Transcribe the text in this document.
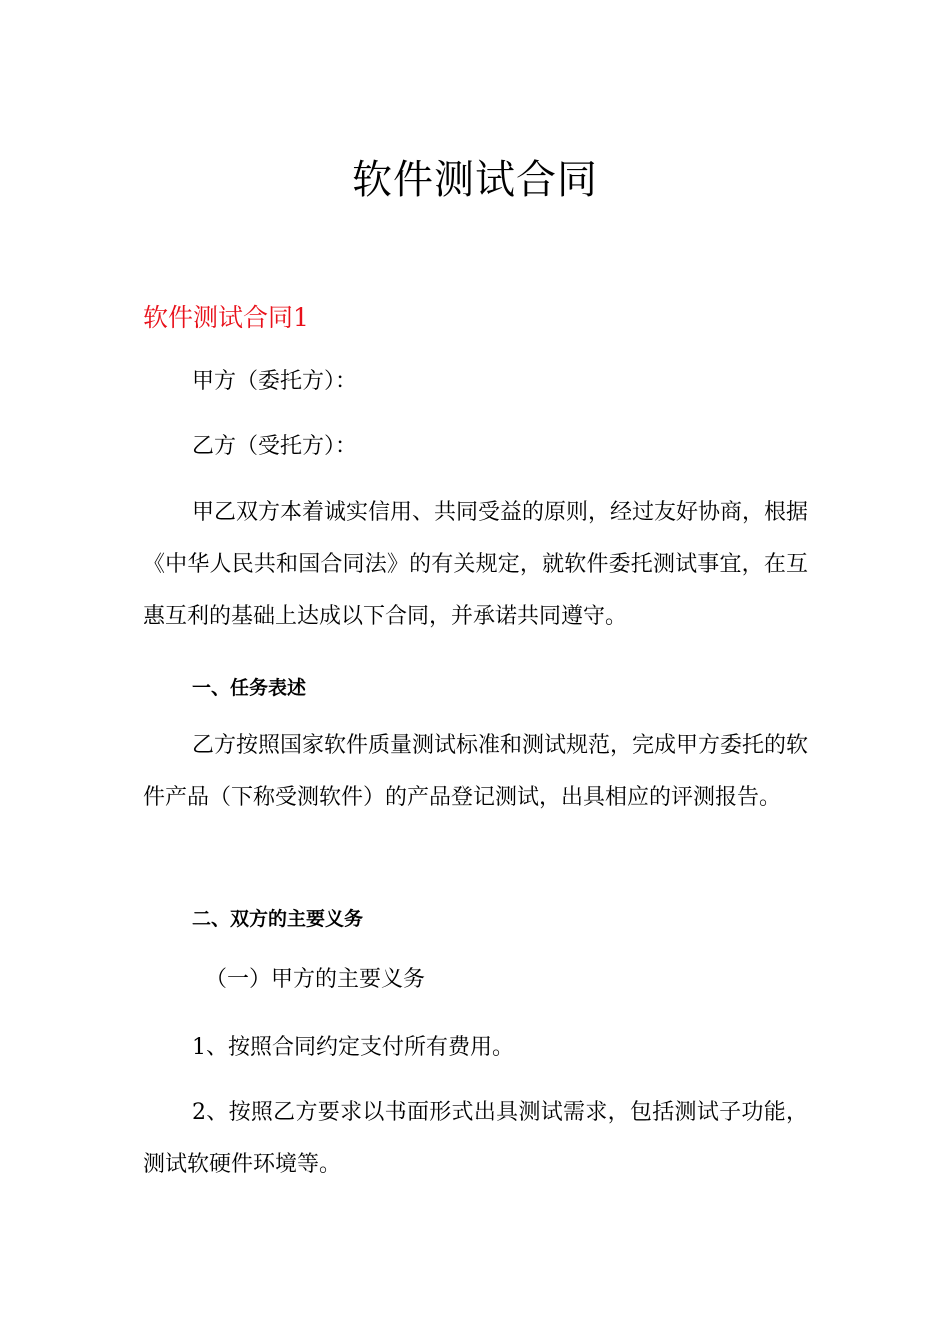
软件测试合同
软件测试合同1
甲方（委托方）：
乙方（受托方）：
甲乙双方本着诚实信用、共同受益的原则，经过友好协商，根据《中华人民共和国合同法》的有关规定，就软件委托测试事宜，在互惠互利的基础上达成以下合同，并承诺共同遵守。
一、任务表述
乙方按照国家软件质量测试标准和测试规范，完成甲方委托的软件产品（下称受测软件）的产品登记测试，出具相应的评测报告。
二、双方的主要义务
（一）甲方的主要义务
1、按照合同约定支付所有费用。
2、按照乙方要求以书面形式出具测试需求，包括测试子功能，测试软硬件环境等。
